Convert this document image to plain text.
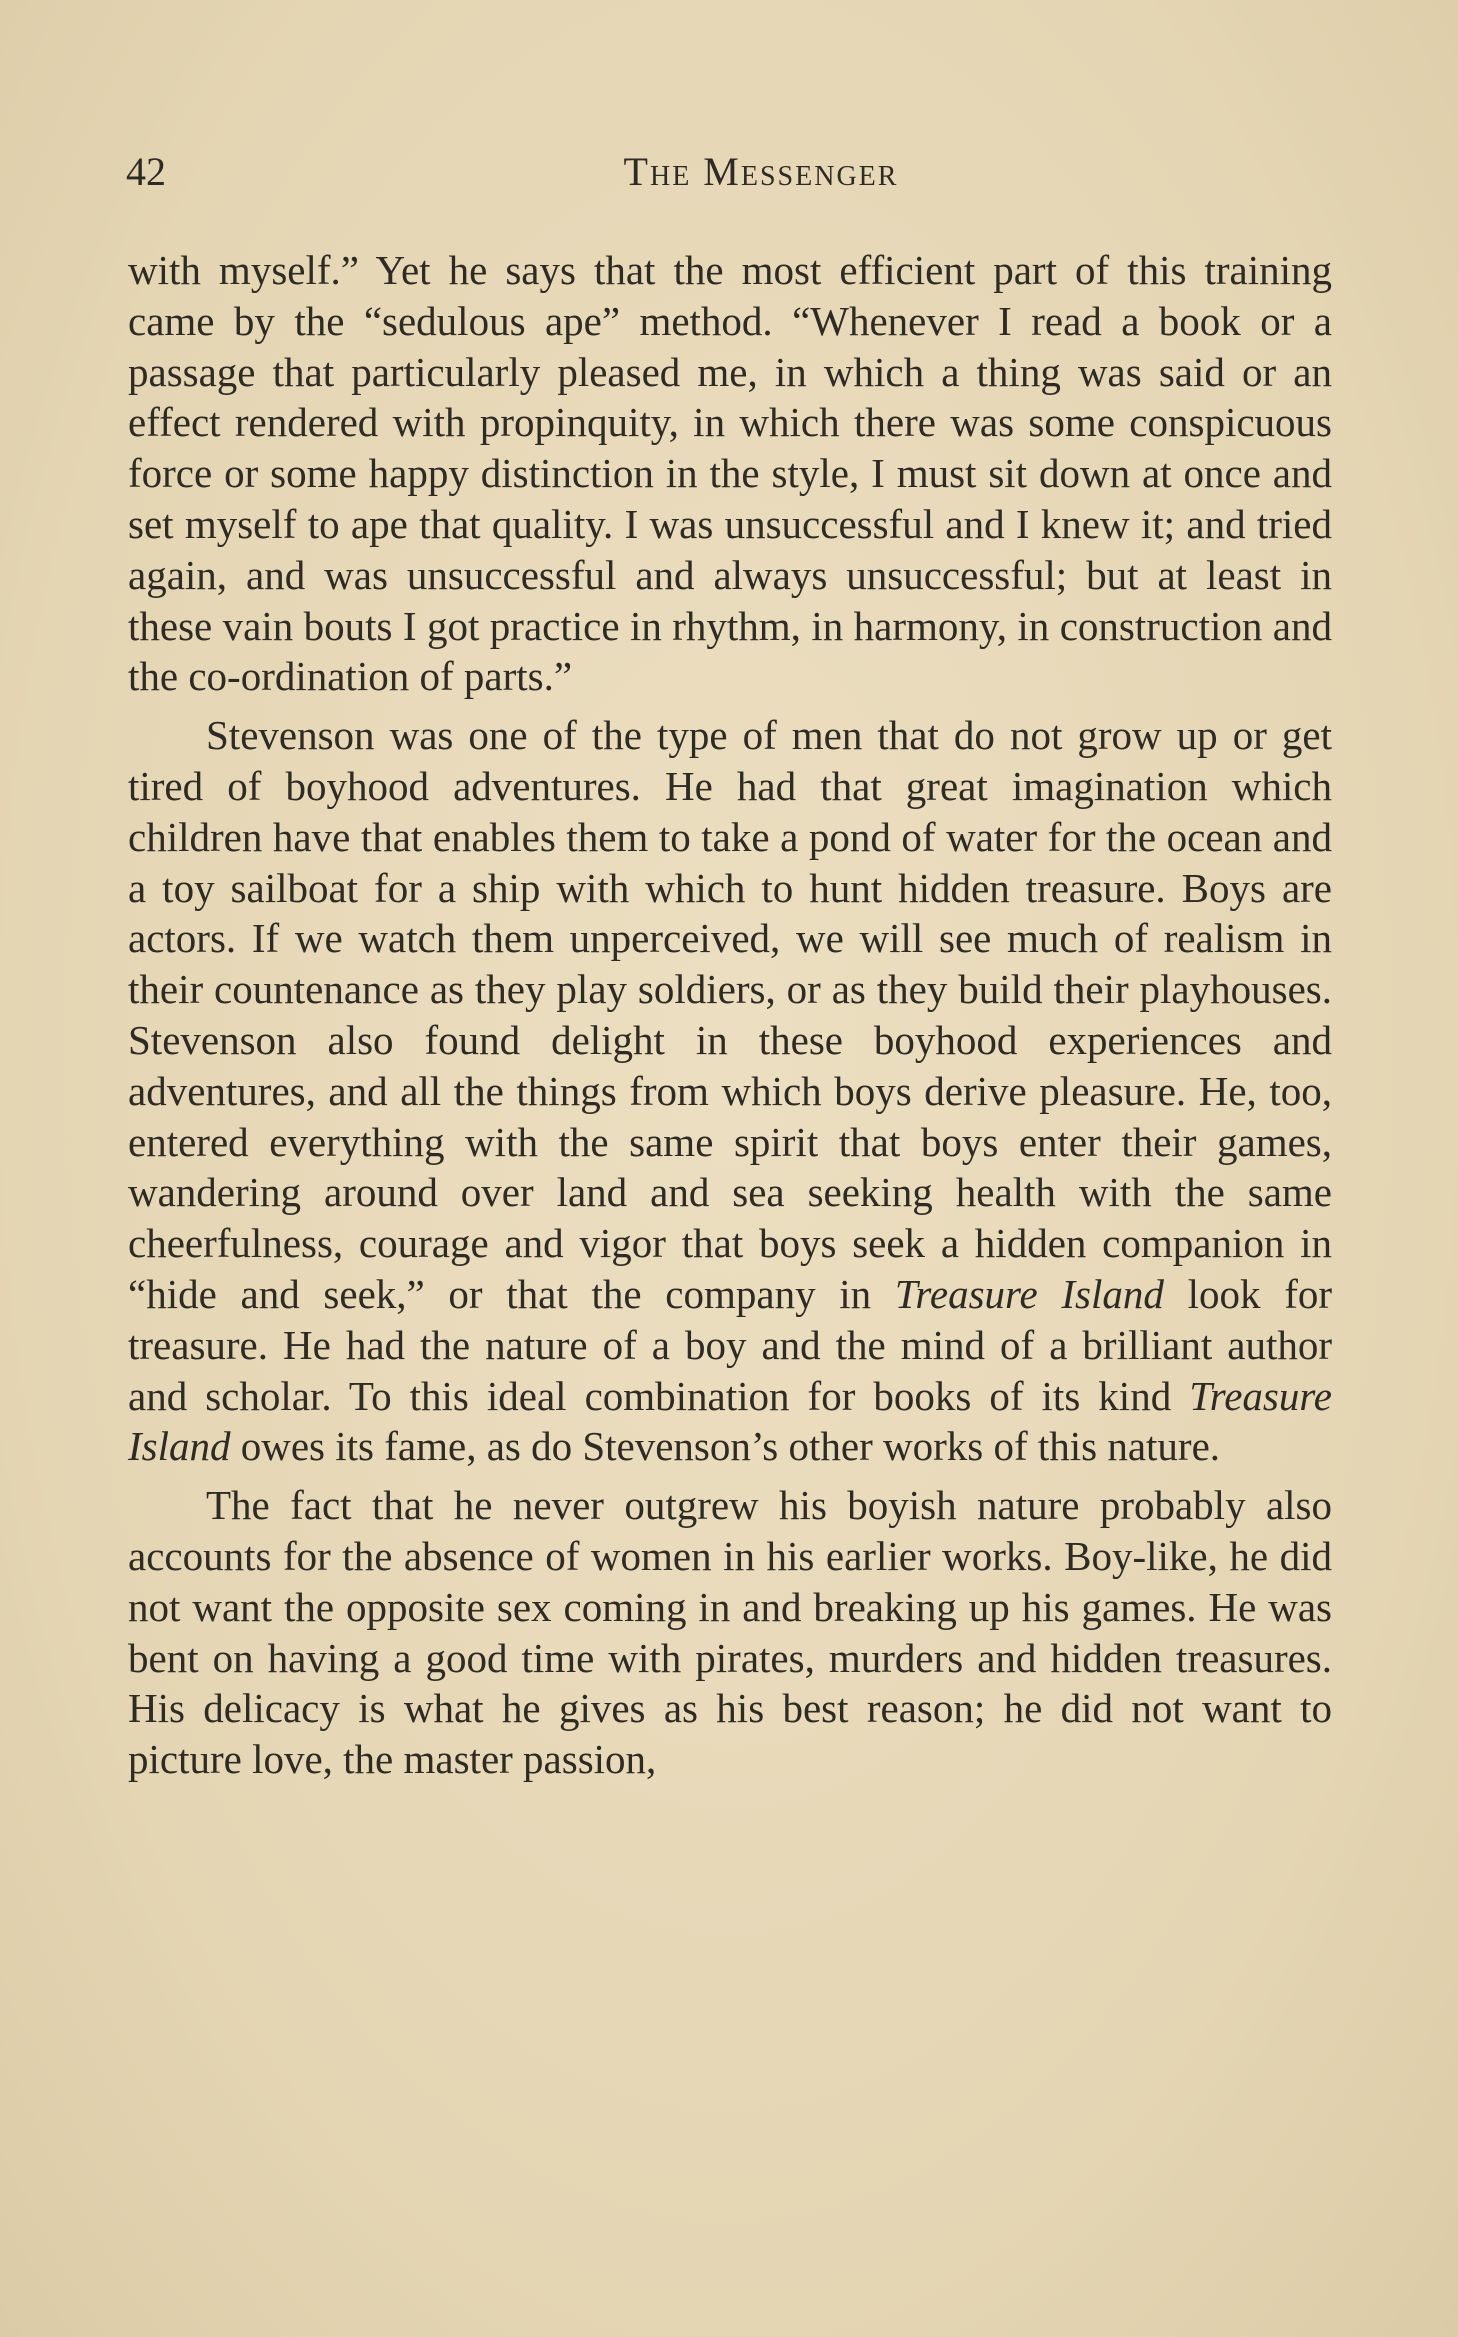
42	The Messenger

with myself.” Yet he says that the most efficient part of this training came by the “sedulous ape” method. “Whenever I read a book or a passage that particularly pleased me, in which a thing was said or an effect rendered with propinquity, in which there was some conspicuous force or some happy distinction in the style, I must sit down at once and set myself to ape that quality. I was unsuccessful and I knew it; and tried again, and was unsuccessful and always unsuccessful; but at least in these vain bouts I got practice in rhythm, in harmony, in construction and the co-ordination of parts.”

Stevenson was one of the type of men that do not grow up or get tired of boyhood adventures. He had that great imagination which children have that enables them to take a pond of water for the ocean and a toy sailboat for a ship with which to hunt hidden treasure. Boys are actors. If we watch them unperceived, we will see much of realism in their countenance as they play soldiers, or as they build their playhouses. Stevenson also found delight in these boyhood experiences and adventures, and all the things from which boys derive pleasure. He, too, entered everything with the same spirit that boys enter their games, wandering around over land and sea seeking health with the same cheerfulness, courage and vigor that boys seek a hidden companion in “hide and seek,” or that the company in Treasure Island look for treasure. He had the nature of a boy and the mind of a brilliant author and scholar. To this ideal combination for books of its kind Treasure Island owes its fame, as do Stevenson’s other works of this nature.

The fact that he never outgrew his boyish nature probably also accounts for the absence of women in his earlier works. Boy-like, he did not want the opposite sex coming in and breaking up his games. He was bent on having a good time with pirates, murders and hidden treasures. His delicacy is what he gives as his best reason; he did not want to picture love, the master passion,
